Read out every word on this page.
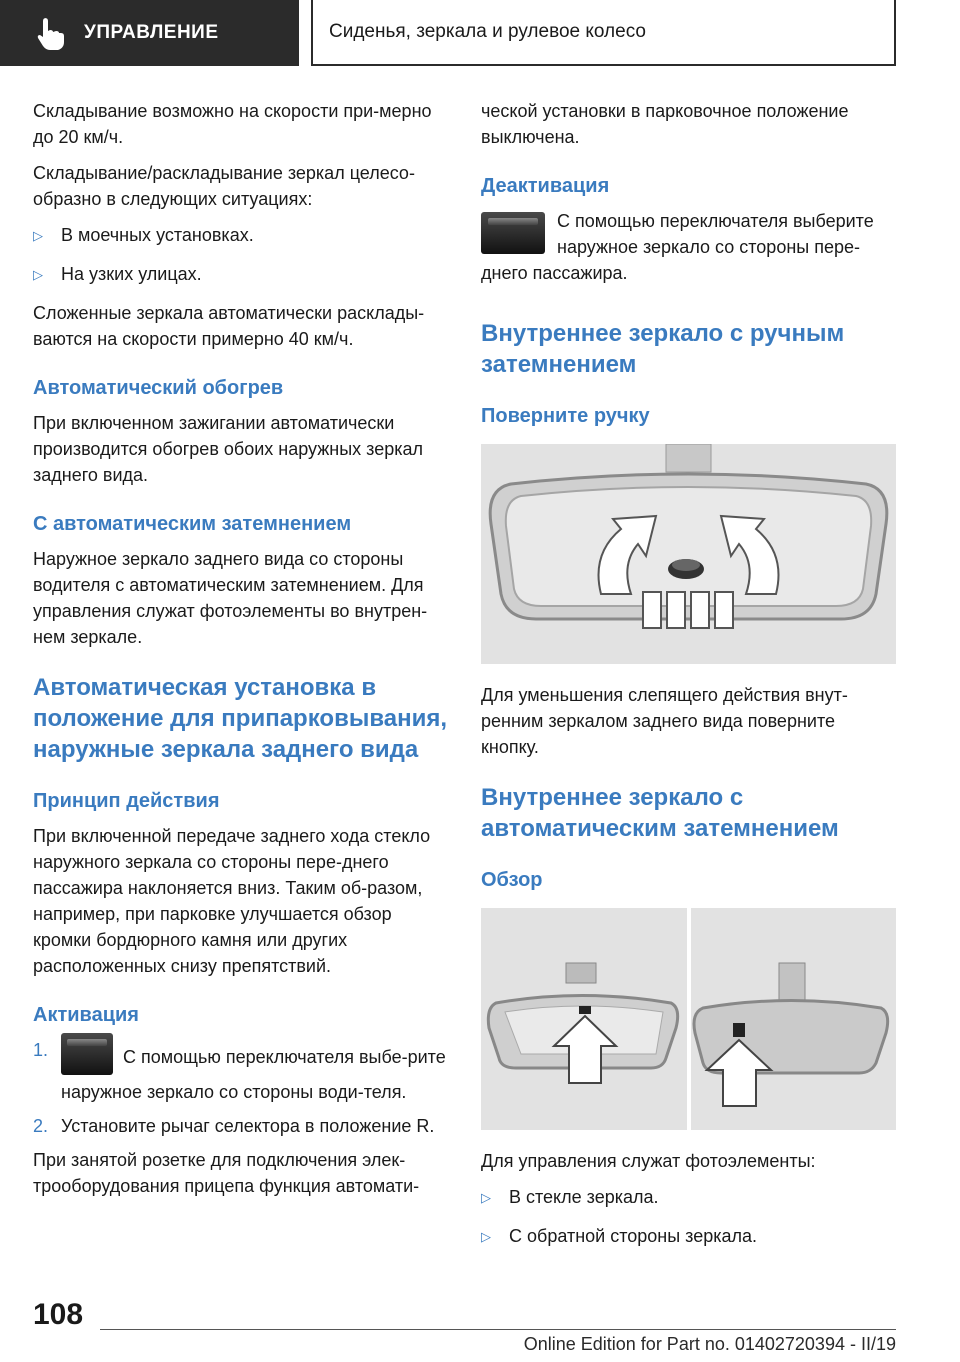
УПРАВЛЕНИЕ	Сиденья, зеркала и рулевое колесо

Складывание возможно на скорости при-мерно до 20 км/ч.

Складывание/раскладывание зеркал целесо-образно в следующих ситуациях:

▷	В моечных установках.
▷	На узких улицах.

Сложенные зеркала автоматически расклады-ваются на скорости примерно 40 км/ч.

Автоматический обогрев

При включенном зажигании автоматически производится обогрев обоих наружных зеркал заднего вида.

С автоматическим затемнением

Наружное зеркало заднего вида со стороны водителя с автоматическим затемнением. Для управления служат фотоэлементы во внутрен-нем зеркале.

Автоматическая установка в положение для припарковывания, наружные зеркала заднего вида
Принцип действия

При включенной передаче заднего хода стекло наружного зеркала со стороны пере-днего пассажира наклоняется вниз. Таким об-разом, например, при парковке улучшается обзор кромки бордюрного камня или других расположенных снизу препятствий.

Активация
1.	С помощью переключателя выбе-рите наружное зеркало со стороны води-теля.
2. Установите рычаг селектора в положение R.

При занятой розетке для подключения элек-трооборудования прицепа функция автомати-

ческой установки в парковочное положение выключена.

Деактивация

С помощью переключателя выберите наружное зеркало со стороны пере-днего пассажира.

Внутреннее зеркало с ручным затемнением
Поверните ручку

Для уменьшения слепящего действия внут-ренним зеркалом заднего вида поверните кнопку.

Внутреннее зеркало с автоматическим затемнением
Обзор

Для управления служат фотоэлементы:

▷	В стекле зеркала.
▷	С обратной стороны зеркала.
108
Online Edition for Part no. 01402720394 - II/19
